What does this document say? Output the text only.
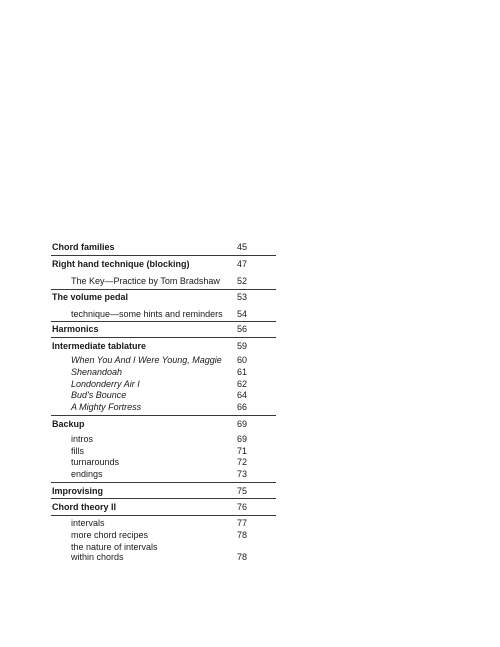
Chord families	45
Right hand technique (blocking)	47
The Key—Practice by Tom Bradshaw 52
The volume pedal	53
technique—some hints and reminders 54
Harmonics	56
Intermediate tablature	59
When You And I Were Young, Maggie 60
Shenandoah	61
Londonderry Air I	62
Bud's Bounce	64
A Mighty Fortress	66
Backup	69
intros	69
fills	71
turnarounds	72
endings	73
Improvising	75
Chord theory II	76
intervals	77
more chord recipes	78
the nature of intervals
within chords	78
